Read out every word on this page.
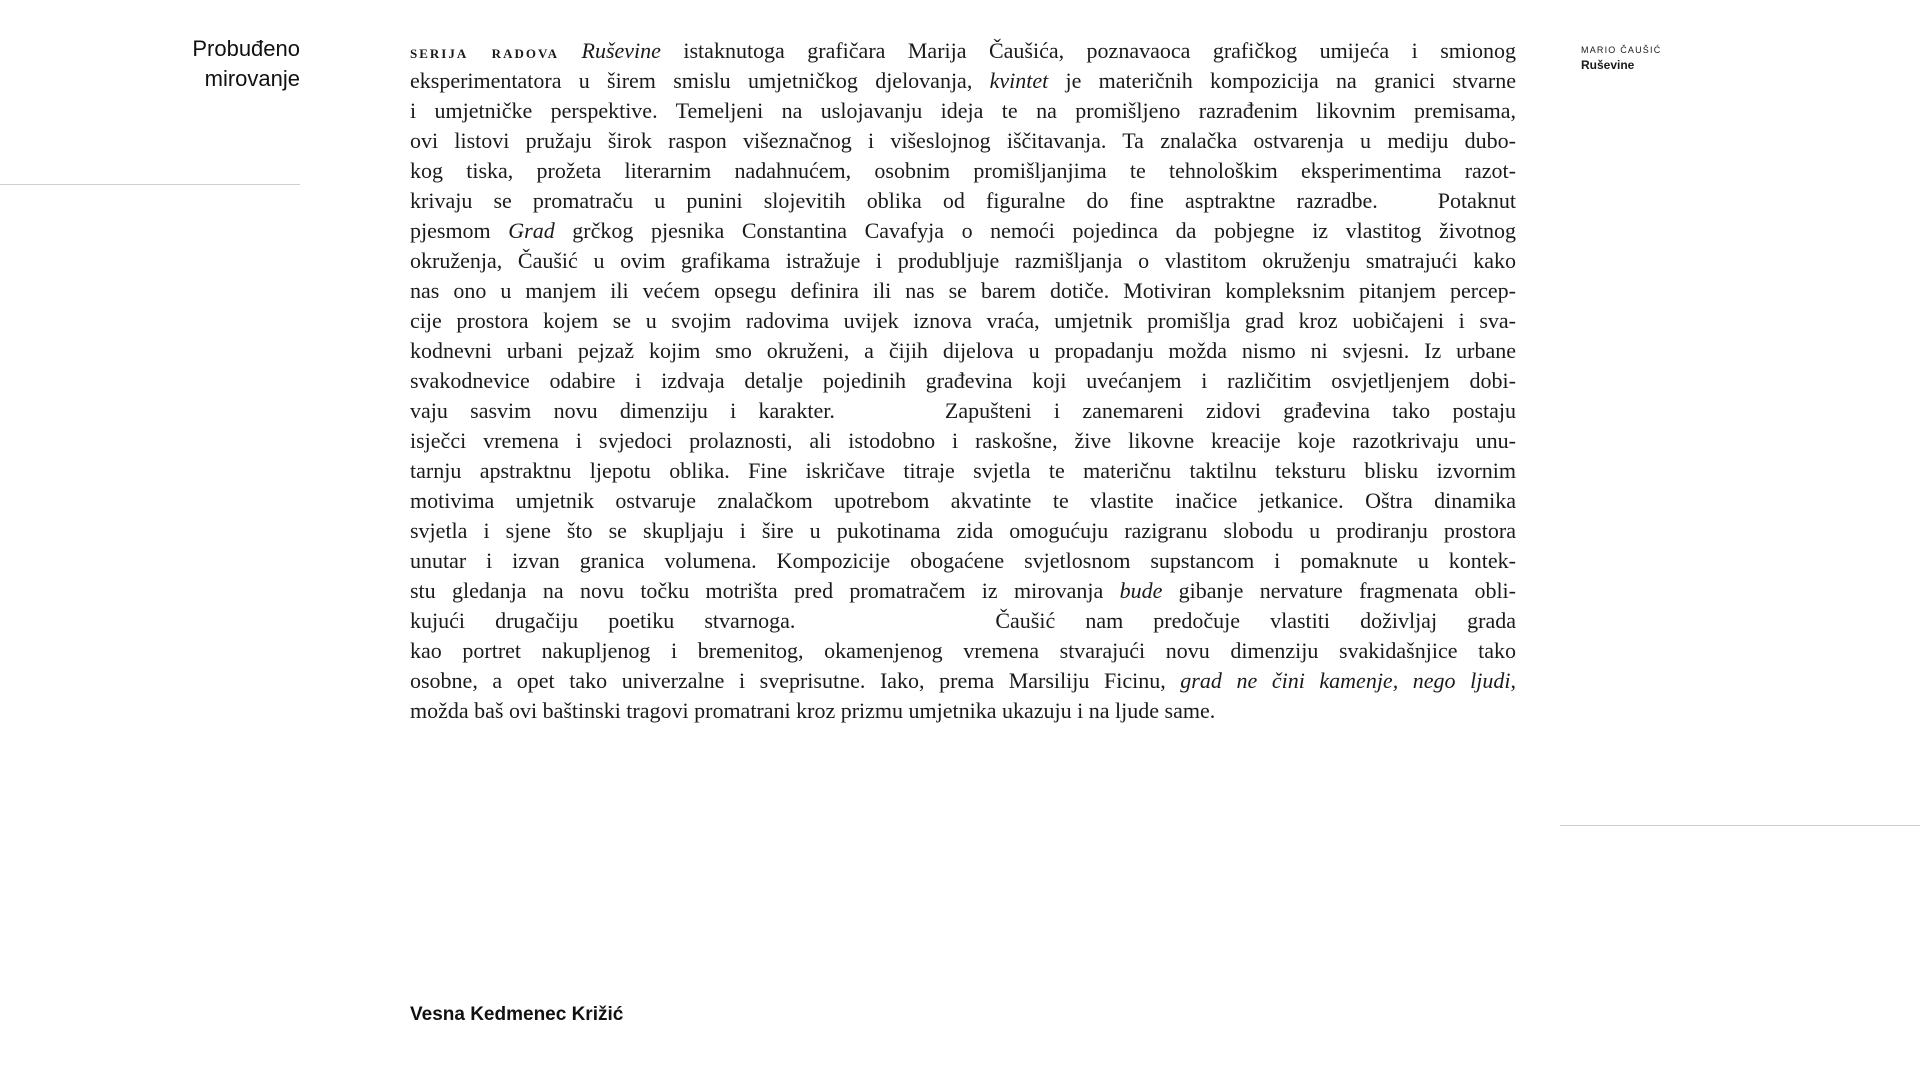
Probuđeno
mirovanje
serija radova Ruševine istaknutoga grafičara Marija Čaušića, poznavaoca grafičkog umijeća i smionog
eksperimentatora u širem smislu umjetničkog djelovanja, kvintet je materičnih kompozicija na granici stvarne
i umjetničke perspektive. Temeljeni na uslojavanju ideja te na promišljeno razrađenim likovnim premisama,
ovi listovi pružaju širok raspon višeznačnog i višeslojnog iščitavanja. Ta znalačka ostvarenja u mediju dubo-
kog tiska, prožeta literarnim nadahnućem, osobnim promišljanjima te tehnološkim eksperimentima razot-
krivaju se promatraču u punini slojevitih oblika od figuralne do fine asptraktne razradbe.	Potaknut
pjesmom Grad grčkog pjesnika Constantina Cavafyja o nemoći pojedinca da pobjegne iz vlastitog životnog
okruženja, Čaušić u ovim grafikama istražuje i produbljuje razmišljanja o vlastitom okruženju smatrajući kako
nas ono u manjem ili većem opsegu definira ili nas se barem dotiče. Motiviran kompleksnim pitanjem percep-
cije prostora kojem se u svojim radovima uvijek iznova vraća, umjetnik promišlja grad kroz uobičajeni i sva-
kodnevni urbani pejzaž kojim smo okruženi, a čijih dijelova u propadanju možda nismo ni svjesni. Iz urbane
svakodnevice odabire i izdvaja detalje pojedinih građevina koji uvećanjem i različitim osvjetljenjem dobi-
vaju sasvim novu dimenziju i karakter.	Zapušteni i zanemareni zidovi građevina tako postaju
isječci vremena i svjedoci prolaznosti, ali istodobno i raskošne, žive likovne kreacije koje razotkrivaju unu-
tarnju apstraktnu ljepotu oblika. Fine iskričave titraje svjetla te materičnu taktilnu teksturu blisku izvornim
motivima umjetnik ostvaruje znalačkom upotrebom akvatinte te vlastite inačice jetkanice. Oštra dinamika
svjetla i sjene što se skupljaju i šire u pukotinama zida omogućuju razigranu slobodu u prodiranju prostora
unutar i izvan granica volumena. Kompozicije obogaćene svjetlosnom supstancom i pomaknute u kontek-
stu gledanja na novu točku motrišta pred promatračem iz mirovanja bude gibanje nervature fragmenata obli-
kujući drugačiju poetiku stvarnoga.	Čaušić nam predočuje vlastiti doživljaj grada
kao portret nakupljenog i bremenitog, okamenjenog vremena stvarajući novu dimenziju svakidašnjice tako
osobne, a opet tako univerzalne i sveprisutne. Iako, prema Marsiliju Ficinu, grad ne čini kamenje, nego ljudi,
možda baš ovi baštinski tragovi promatrani kroz prizmu umjetnika ukazuju i na ljude same.
MARIO ČAUŠIĆ
Ruševine
Vesna Kedmenec Križić
